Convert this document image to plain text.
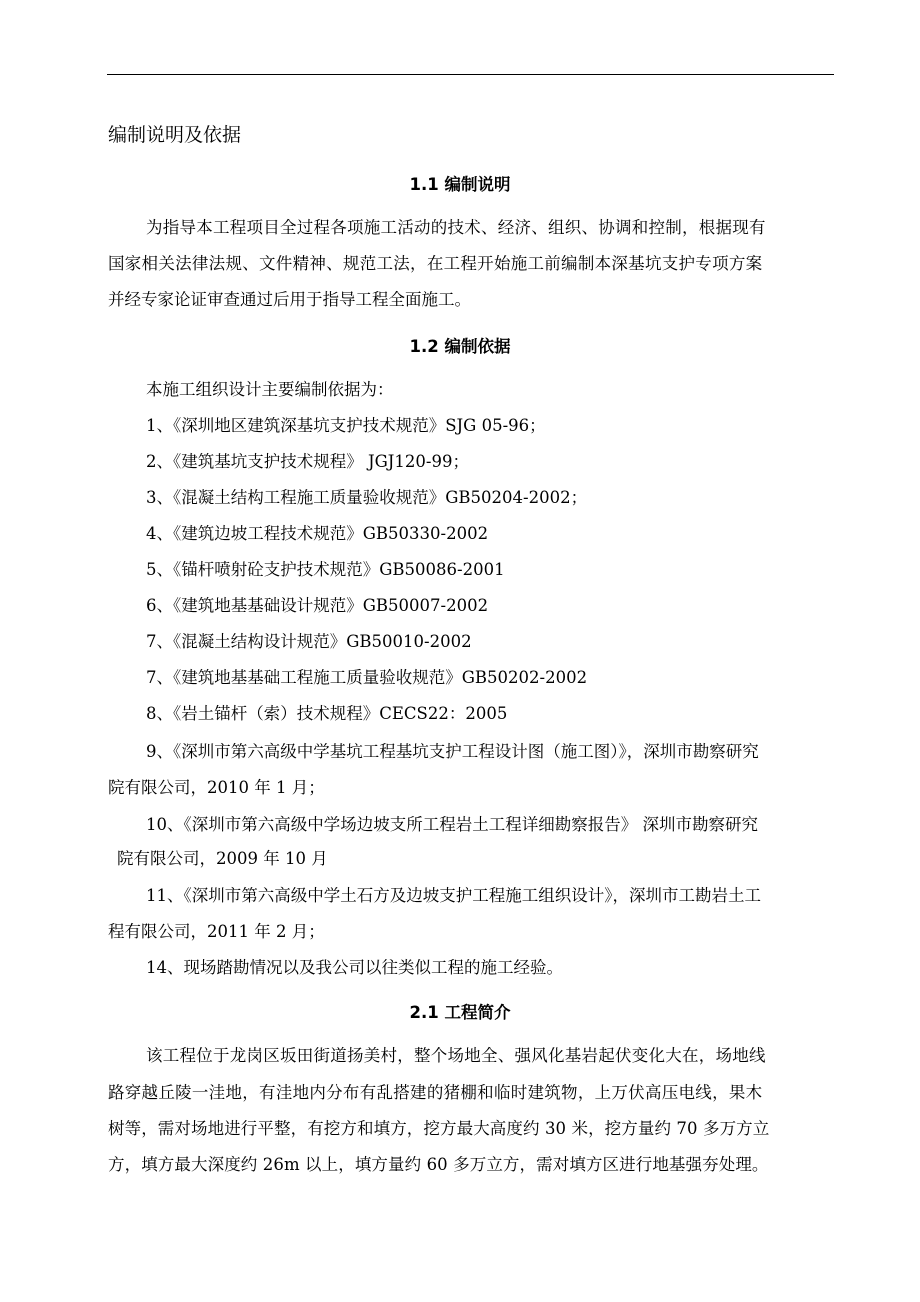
编制说明及依据
1.1 编制说明
为指导本工程项目全过程各项施工活动的技术、经济、组织、协调和控制，根据现有
国家相关法律法规、文件精神、规范工法，在工程开始施工前编制本深基坑支护专项方案
并经专家论证审查通过后用于指导工程全面施工。
1.2 编制依据
本施工组织设计主要编制依据为：
1、《深圳地区建筑深基坑支护技术规范》SJG 05-96；
2、《建筑基坑支护技术规程》 JGJ120-99；
3、《混凝土结构工程施工质量验收规范》GB50204-2002；
4、《建筑边坡工程技术规范》GB50330-2002
5、《锚杆喷射砼支护技术规范》GB50086-2001
6、《建筑地基基础设计规范》GB50007-2002
7、《混凝土结构设计规范》GB50010-2002
7、《建筑地基基础工程施工质量验收规范》GB50202-2002
8、《岩土锚杆（索）技术规程》CECS22：2005
9、《深圳市第六高级中学基坑工程基坑支护工程设计图（施工图）》，深圳市勘察研究
院有限公司，2010 年 1 月；
10、《深圳市第六高级中学场边坡支所工程岩土工程详细勘察报告》 深圳市勘察研究
院有限公司，2009 年 10 月
11、《深圳市第六高级中学土石方及边坡支护工程施工组织设计》，深圳市工勘岩土工
程有限公司，2011 年 2 月；
14、现场踏勘情况以及我公司以往类似工程的施工经验。
2.1 工程简介
该工程位于龙岗区坂田街道扬美村，整个场地全、强风化基岩起伏变化大在，场地线
路穿越丘陵一洼地，有洼地内分布有乱搭建的猪棚和临时建筑物，上万伏高压电线，果木
树等，需对场地进行平整，有挖方和填方，挖方最大高度约 30 米，挖方量约 70 多万方立
方，填方最大深度约 26m 以上，填方量约 60 多万立方，需对填方区进行地基强夯处理。
